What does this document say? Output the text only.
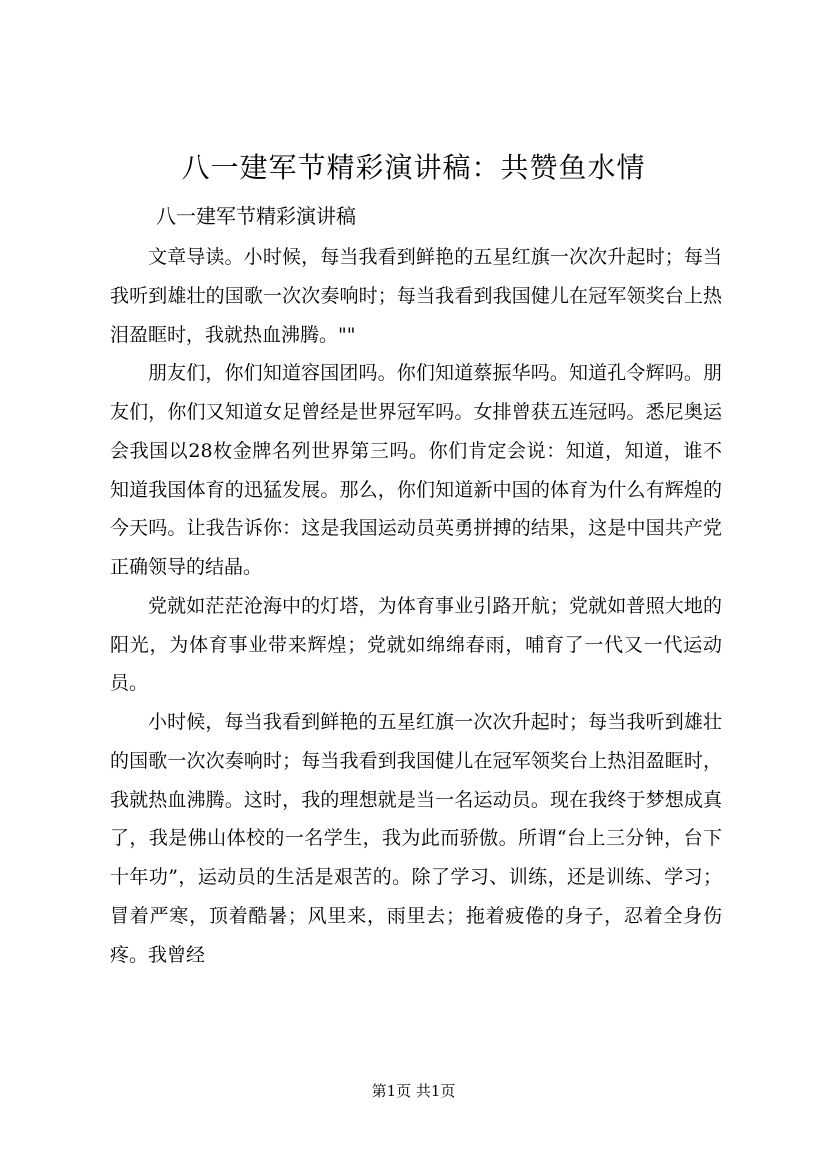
八一建军节精彩演讲稿：共赞鱼水情
八一建军节精彩演讲稿

文章导读。小时候，每当我看到鲜艳的五星红旗一次次升起时；每当我听到雄壮的国歌一次次奏响时；每当我看到我国健儿在冠军领奖台上热泪盈眶时，我就热血沸腾。""

朋友们，你们知道容国团吗。你们知道蔡振华吗。知道孔令辉吗。朋友们，你们又知道女足曾经是世界冠军吗。女排曾获五连冠吗。悉尼奥运会我国以28枚金牌名列世界第三吗。你们肯定会说：知道，知道，谁不知道我国体育的迅猛发展。那么，你们知道新中国的体育为什么有辉煌的今天吗。让我告诉你：这是我国运动员英勇拼搏的结果，这是中国共产党正确领导的结晶。

党就如茫茫沧海中的灯塔，为体育事业引路开航；党就如普照大地的阳光，为体育事业带来辉煌；党就如绵绵春雨，哺育了一代又一代运动员。

小时候，每当我看到鲜艳的五星红旗一次次升起时；每当我听到雄壮的国歌一次次奏响时；每当我看到我国健儿在冠军领奖台上热泪盈眶时，我就热血沸腾。这时，我的理想就是当一名运动员。现在我终于梦想成真了，我是佛山体校的一名学生，我为此而骄傲。所谓“台上三分钟，台下十年功”，运动员的生活是艰苦的。除了学习、训练，还是训练、学习；冒着严寒，顶着酷暑；风里来，雨里去；拖着疲倦的身子，忍着全身伤疼。我曾经

第1页 共1页
